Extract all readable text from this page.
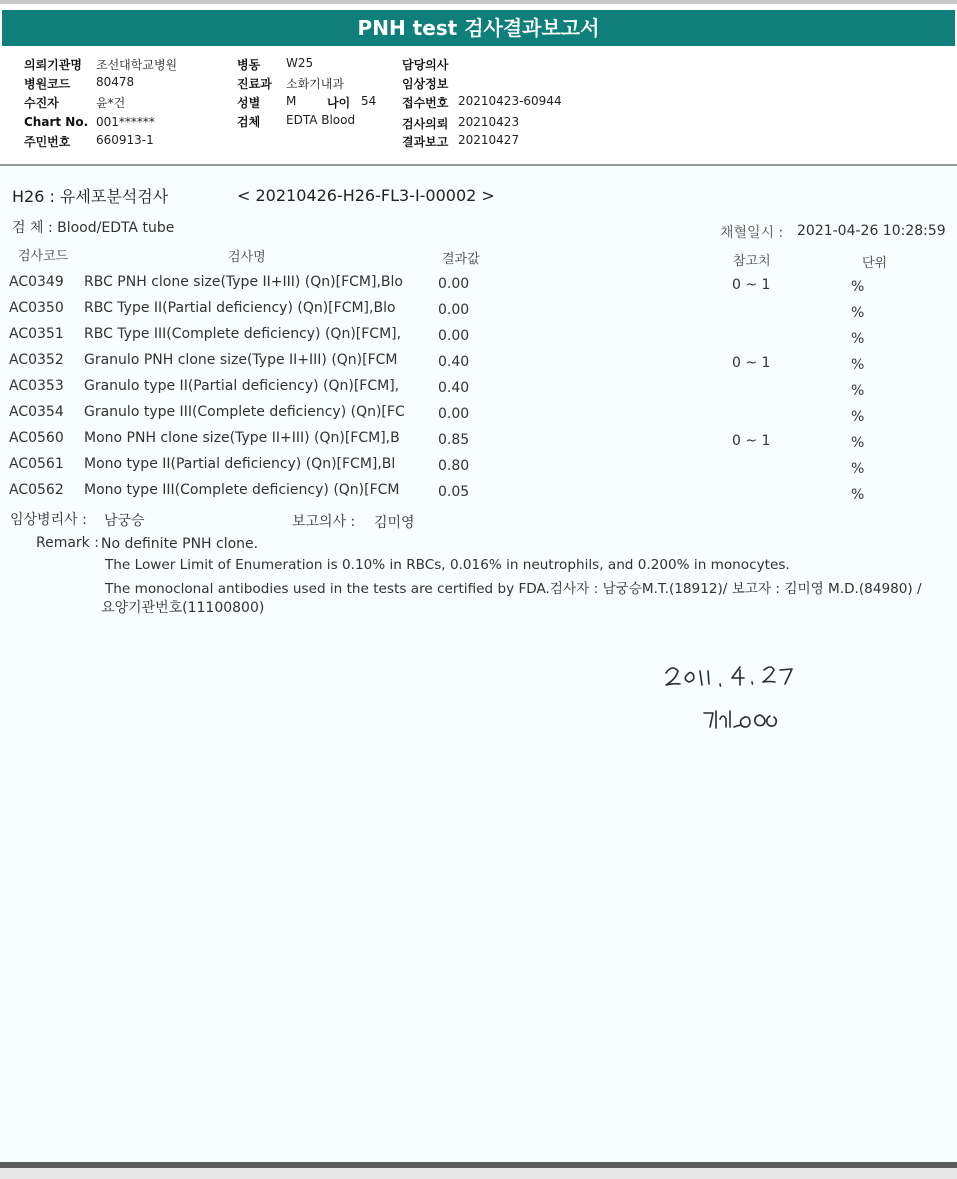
PNH test 검사결과보고서
의뢰기관명 조선대학교병원
병원코드 80478
수진자	윤*건
Chart No. 001******
주민번호 660913-1
병동 W25
진료과 소화기내과
성별 M	나이 54
검체 EDTA Blood
담당의사
임상정보
접수번호 20210423-60944
검사의뢰 20210423
결과보고 20210427
H26 : 유세포분석검사	< 20210426-H26-FL3-I-00002 >
검 체 : Blood/EDTA tube	채혈일시 : 2021-04-26 10:28:59
검사코드	검사명	결과값	참고치	단위
AC0349 RBC PNH clone size(Type II+III) (Qn)[FCM],Blo	0.00	0 ~ 1	%
AC0350 RBC Type II(Partial deficiency) (Qn)[FCM],Blo	0.00	%
AC0351 RBC Type III(Complete deficiency) (Qn)[FCM],	0.00	%
AC0352 Granulo PNH clone size(Type II+III) (Qn)[FCM	0.40	0 ~ 1	%
AC0353 Granulo type II(Partial deficiency) (Qn)[FCM],	0.40	%
AC0354 Granulo type III(Complete deficiency) (Qn)[FC 0.00	%
AC0560 Mono PNH clone size(Type II+III) (Qn)[FCM],B	0.85	0 ~ 1	%
AC0561 Mono type II(Partial deficiency) (Qn)[FCM],Bl	0.80	%
AC0562 Mono type III(Complete deficiency) (Qn)[FCM	0.05	%
임상병리사 : 남궁승	보고의사 : 김미영
Remark : No definite PNH clone.
The Lower Limit of Enumeration is 0.10% in RBCs, 0.016% in neutrophils, and 0.200% in monocytes.
The monoclonal antibodies used in the tests are certified by FDA.검사자 : 남궁승M.T.(18912)/ 보고자 : 김미영 M.D.(84980) /
요양기관번호(11100800)
